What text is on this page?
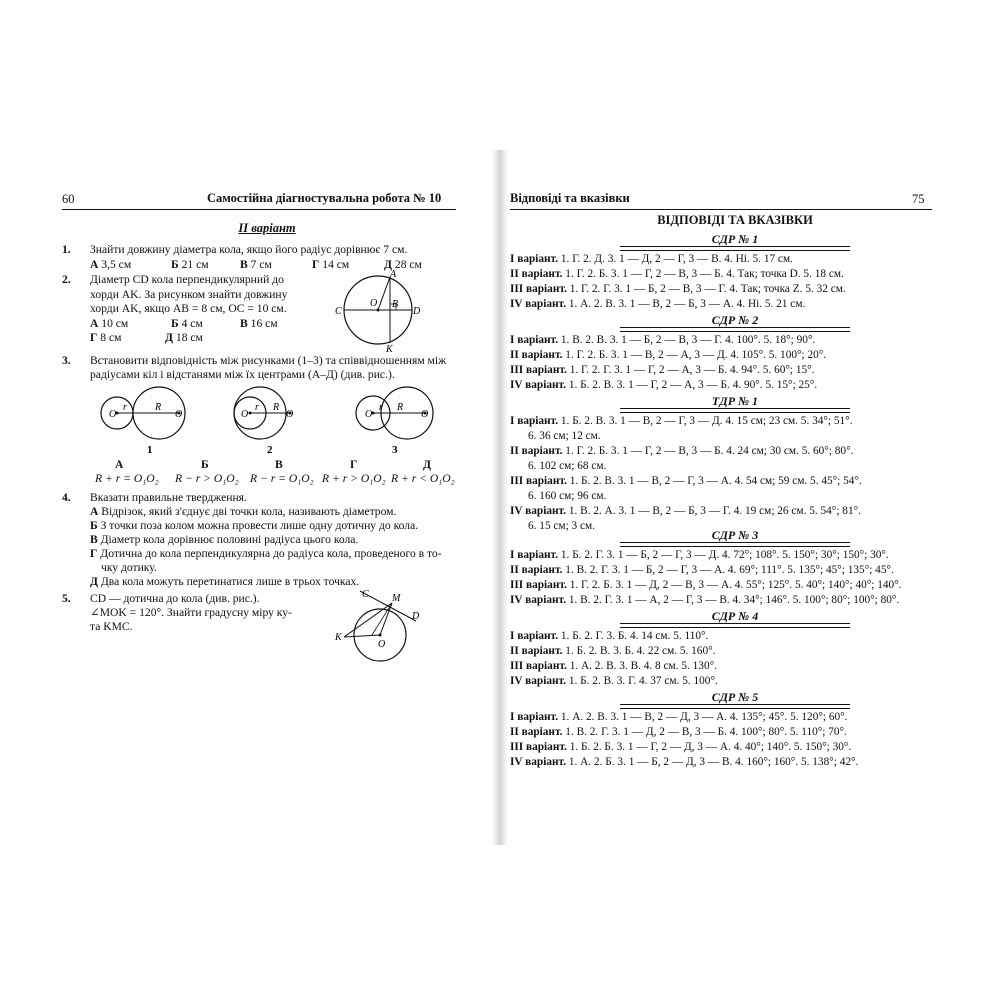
60	Самостійна діагностувальна робота № 10
ІІ варіант
1. Знайти довжину діаметра кола, якщо його радіус дорівнює 7 см.
А 3,5 см	Б 21 см	В 7 см	Г 14 см	Д 28 см
2. Діаметр CD кола перпендикулярний до
хорди AK. За рисунком знайти довжину
хорди AK, якщо AB = 8 см, OC = 10 см.
А 10 см	Б 4 см	В 16 см
Г 8 см	Д 18 см
A
B
C	D
O
K
3. Встановити відповідність між рисунками (1–3) та співвідношенням між
радіусами кіл і відстанями між їх центрами (А–Д) (див. рис.).
O
r	R
O
1
O
r R
O
2
O
r R
O
3
А
R + r = O₁O₂
Б
R − r > O₁O₂
В
R − r = O₁O₂
Г
R + r > O₁O₂
Д
R + r < O₁O₂
4. Вказати правильне твердження.
А Відрізок, який з'єднує дві точки кола, називають діаметром.
Б З точки поза колом можна провести лише одну дотичну до кола.
В Діаметр кола дорівнює половині радіуса цього кола.
Г Дотична до кола перпендикулярна до радіуса кола, проведеного в то-
чку дотику.
Д Два кола можуть перетинатися лише в трьох точках.
5. CD — дотична до кола (див. рис.).
∠MOK = 120°. Знайти градусну міру ку-
та KMC.
C M
D
K
O
Відповіді та вказівки	75
ВІДПОВІДІ ТА ВКАЗІВКИ
СДР № 1
І варіант. 1. Г. 2. Д. 3. 1 — Д, 2 — Г, 3 — В. 4. Ні. 5. 17 см.
ІІ варіант. 1. Г. 2. Б. 3. 1 — Г, 2 — В, 3 — Б. 4. Так; точка D. 5. 18 см.
ІІІ варіант. 1. Г. 2. Г. 3. 1 — Б, 2 — В, 3 — Г. 4. Так; точка Z. 5. 32 см.
IV варіант. 1. А. 2. В. 3. 1 — В, 2 — Б, 3 — А. 4. Ні. 5. 21 см.
СДР № 2
І варіант. 1. В. 2. В. 3. 1 — Б, 2 — В, 3 — Г. 4. 100°. 5. 18°; 90°.
ІІ варіант. 1. Г. 2. Б. 3. 1 — В, 2 — А, 3 — Д. 4. 105°. 5. 100°; 20°.
ІІІ варіант. 1. Г. 2. Г. 3. 1 — Г, 2 — А, 3 — Б. 4. 94°. 5. 60°; 15°.
IV варіант. 1. Б. 2. В. 3. 1 — Г, 2 — А, 3 — Б. 4. 90°. 5. 15°; 25°.
ТДР № 1
І варіант. 1. Б. 2. В. 3. 1 — В, 2 — Г, 3 — Д. 4. 15 см; 23 см. 5. 34°; 51°.
6. 36 см; 12 см.
ІІ варіант. 1. Г. 2. Б. 3. 1 — Г, 2 — В, 3 — Б. 4. 24 см; 30 см. 5. 60°; 80°.
6. 102 см; 68 см.
ІІІ варіант. 1. Б. 2. В. 3. 1 — В, 2 — Г, 3 — А. 4. 54 см; 59 см. 5. 45°; 54°.
6. 160 см; 96 см.
IV варіант. 1. В. 2. А. 3. 1 — В, 2 — Б, 3 — Г. 4. 19 см; 26 см. 5. 54°; 81°.
6. 15 см; 3 см.
СДР № 3
І варіант. 1. Б. 2. Г. 3. 1 — Б, 2 — Г, 3 — Д. 4. 72°; 108°. 5. 150°; 30°; 150°; 30°.
ІІ варіант. 1. В. 2. Г. 3. 1 — Б, 2 — Г, 3 — А. 4. 69°; 111°. 5. 135°; 45°; 135°; 45°.
ІІІ варіант. 1. Г. 2. Б. 3. 1 — Д, 2 — В, 3 — А. 4. 55°; 125°. 5. 40°; 140°; 40°; 140°.
IV варіант. 1. В. 2. Г. 3. 1 — А, 2 — Г, 3 — В. 4. 34°; 146°. 5. 100°; 80°; 100°; 80°.
СДР № 4
І варіант. 1. Б. 2. Г. 3. Б. 4. 14 см. 5. 110°.
ІІ варіант. 1. Б. 2. В. 3. Б. 4. 22 см. 5. 160°.
ІІІ варіант. 1. А. 2. В. 3. В. 4. 8 см. 5. 130°.
IV варіант. 1. Б. 2. В. 3. Г. 4. 37 см. 5. 100°.
СДР № 5
І варіант. 1. А. 2. В. 3. 1 — В, 2 — Д, 3 — А. 4. 135°; 45°. 5. 120°; 60°.
ІІ варіант. 1. В. 2. Г. 3. 1 — Д, 2 — В, 3 — Б. 4. 100°; 80°. 5. 110°; 70°.
ІІІ варіант. 1. Б. 2. Б. 3. 1 — Г, 2 — Д, 3 — А. 4. 40°; 140°. 5. 150°; 30°.
IV варіант. 1. А. 2. Б. 3. 1 — Б, 2 — Д, 3 — В. 4. 160°; 160°. 5. 138°; 42°.
